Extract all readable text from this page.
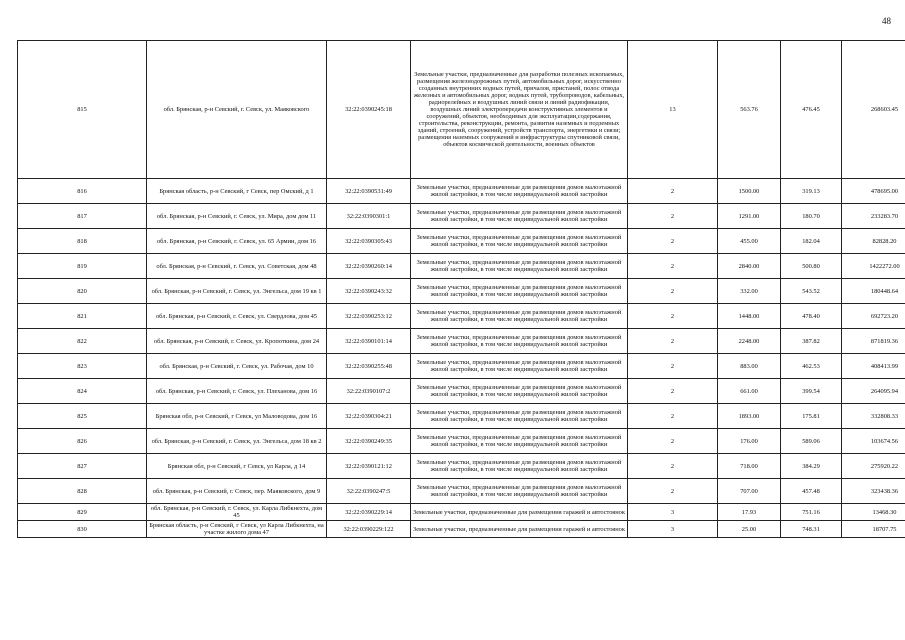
48
815	обл. Брянская, р-н Севский, г. Севск, ул. Маяковского	32:22:0390245:18	Земельные участки, предназначенные для разработки полезных ископаемых, размещения железнодорожных путей, автомобильных дорог, искусственно созданных внутренних водных путей, причалов, пристаней, полос отвода железных и автомобильных дорог, водных путей, трубопроводов, кабельных, радиорелейных и воздушных линий связи и линий радиофикации, воздушных линий электропередачи конструктивных элементов и сооружений, объектов, необходимых для эксплуатации,содержания, строительства, реконструкции, ремонта, развития наземных и подземных зданий, строений, сооружений, устройств транспорта, энергетики и связи; размещения наземных сооружений и инфраструктуры спутниковой связи, объектов космической деятельности, военных объектов	13	563.76	476.45	268603.45
816	Брянская область, р-н Севский, г Севск, пер Омский, д 1	32:22:0390531:49	Земельные участки, предназначенные для размещения домов малоэтажной жилой застройки, в том числе индивидуальной жилой застройки	2	1500.00	319.13	478695.00
817	обл. Брянская, р-н Севский, г. Севск, ул. Мира, дом дом 11	32:22:0390301:1	Земельные участки, предназначенные для размещения домов малоэтажной жилой застройки, в том числе индивидуальной жилой застройки	2	1291.00	180.70	233283.70
818	обл. Брянская, р-н Севский, г. Севск, ул. 65 Армии, дом 16	32:22:0390305:43	Земельные участки, предназначенные для размещения домов малоэтажной жилой застройки, в том числе индивидуальной жилой застройки	2	455.00	182.04	82828.20
819	обл. Брянская, р-н Севский, г. Севск, ул. Советская, дом 48	32:22:0390260:14	Земельные участки, предназначенные для размещения домов малоэтажной жилой застройки, в том числе индивидуальной жилой застройки	2	2840.00	500.80	1422272.00
820	обл. Брянская, р-н Севский, г. Севск, ул. Энгельса, дом 19 кв 1	32:22:0390243:32	Земельные участки, предназначенные для размещения домов малоэтажной жилой застройки, в том числе индивидуальной жилой застройки	2	332.00	543.52	180448.64
821	обл. Брянская, р-н Севский, г. Севск, ул. Свердлова, дом 45	32:22:0390253:12	Земельные участки, предназначенные для размещения домов малоэтажной жилой застройки, в том числе индивидуальной жилой застройки	2	1448.00	478.40	692723.20
822	обл. Брянская, р-н Севский, г. Севск, ул. Кропоткина, дом 24	32:22:0390101:14	Земельные участки, предназначенные для размещения домов малоэтажной жилой застройки, в том числе индивидуальной жилой застройки	2	2248.00	387.82	871819.36
823	обл. Брянская, р-н Севский, г. Севск, ул. Рабочая, дом 10	32:22:0390255:48	Земельные участки, предназначенные для размещения домов малоэтажной жилой застройки, в том числе индивидуальной жилой застройки	2	883.00	462.53	408413.99
824	обл. Брянская, р-н Севский, г. Севск, ул. Плеханова, дом 16	32:22:0390107:2	Земельные участки, предназначенные для размещения домов малоэтажной жилой застройки, в том числе индивидуальной жилой застройки	2	661.00	399.54	264095.94
825	Брянская обл, р-н Севский, г Севск, ул Маловодова, дом 16	32:22:0390304:21	Земельные участки, предназначенные для размещения домов малоэтажной жилой застройки, в том числе индивидуальной жилой застройки	2	1893.00	175.81	332808.33
826	обл. Брянская, р-н Севский, г. Севск, ул. Энгельса, дом 18 кв 2	32:22:0390249:35	Земельные участки, предназначенные для размещения домов малоэтажной жилой застройки, в том числе индивидуальной жилой застройки	2	176.00	589.06	103674.56
827	Брянская обл, р-н Севский, г Севск, ул Карла, д 14	32:22:0390121:12	Земельные участки, предназначенные для размещения домов малоэтажной жилой застройки, в том числе индивидуальной жилой застройки	2	718.00	384.29	275920.22
828	обл. Брянская, р-н Севский, г. Севск, пер. Маяковского, дом 9	32:22:0390247:5	Земельные участки, предназначенные для размещения домов малоэтажной жилой застройки, в том числе индивидуальной жилой застройки	2	707.00	457.48	323438.36
829	обл. Брянская, р-н Севский, г. Севск, ул. Карла Либкнехта, дом 45	32:22:0390229:14	Земельные участки, предназначенные для размещения гаражей и автостоянок	3	17.93	751.16	13468.30
830	Брянская область, р-н Севский, г Севск, ул Карла Либкнехта, на участке жилого дома 47	32:22:0390229:122	Земельные участки, предназначенные для размещения гаражей и автостоянок	3	25.00	748.31	18707.75
